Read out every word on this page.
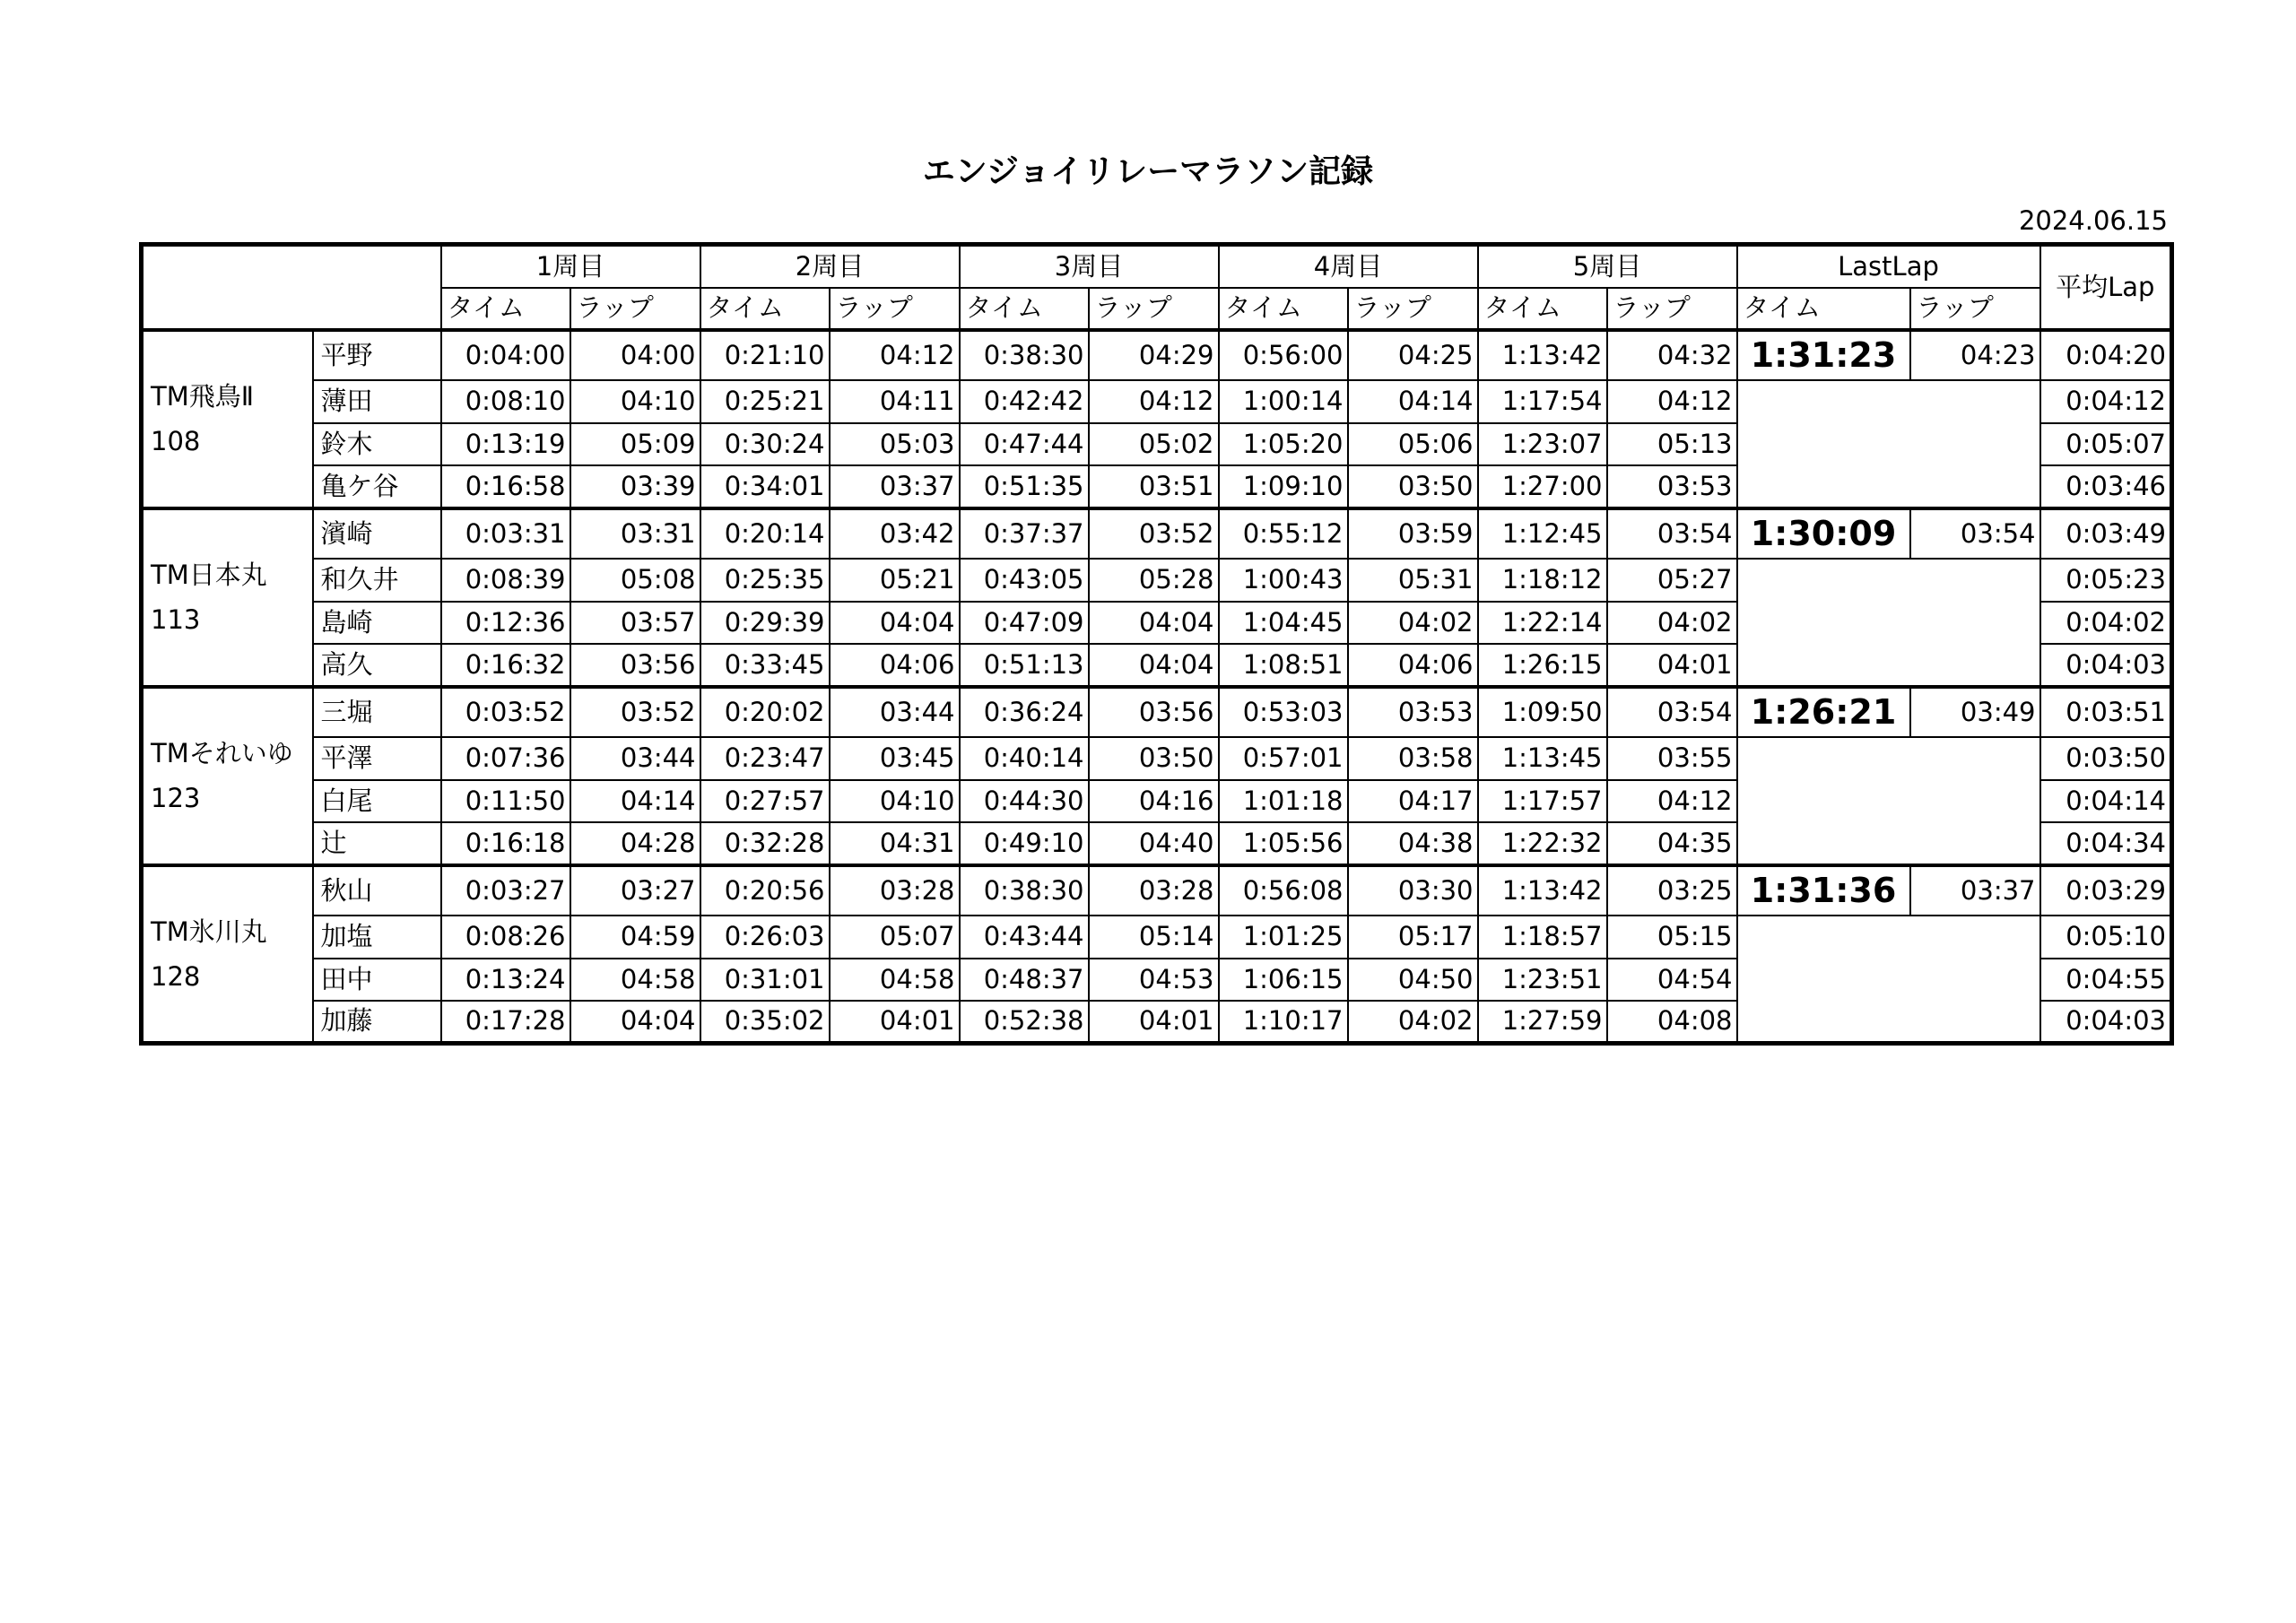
エンジョイリレーマラソン記録
2024.06.15
		1周目		2周目		3周目		4周目		5周目		LastLap		平均Lap
		タイム	ラップ	タイム	ラップ	タイム	ラップ	タイム	ラップ	タイム	ラップ	タイム	ラップ	

TM飛鳥Ⅱ
108	平野	0:04:00	04:00	0:21:10	04:12	0:38:30	04:29	0:56:00	04:25	1:13:42	04:32	1:31:23	04:23	0:04:20
	薄田	0:08:10	04:10	0:25:21	04:11	0:42:42	04:12	1:00:14	04:14	1:17:54	04:12			0:04:12
	鈴木	0:13:19	05:09	0:30:24	05:03	0:47:44	05:02	1:05:20	05:06	1:23:07	05:13			0:05:07
	亀ケ谷	0:16:58	03:39	0:34:01	03:37	0:51:35	03:51	1:09:10	03:50	1:27:00	03:53			0:03:46

TM日本丸
113	濱崎	0:03:31	03:31	0:20:14	03:42	0:37:37	03:52	0:55:12	03:59	1:12:45	03:54	1:30:09	03:54	0:03:49
	和久井	0:08:39	05:08	0:25:35	05:21	0:43:05	05:28	1:00:43	05:31	1:18:12	05:27			0:05:23
	島崎	0:12:36	03:57	0:29:39	04:04	0:47:09	04:04	1:04:45	04:02	1:22:14	04:02			0:04:02
	高久	0:16:32	03:56	0:33:45	04:06	0:51:13	04:04	1:08:51	04:06	1:26:15	04:01			0:04:03

TMそれいゆ
123	三堀	0:03:52	03:52	0:20:02	03:44	0:36:24	03:56	0:53:03	03:53	1:09:50	03:54	1:26:21	03:49	0:03:51
	平澤	0:07:36	03:44	0:23:47	03:45	0:40:14	03:50	0:57:01	03:58	1:13:45	03:55			0:03:50
	白尾	0:11:50	04:14	0:27:57	04:10	0:44:30	04:16	1:01:18	04:17	1:17:57	04:12			0:04:14
	辻	0:16:18	04:28	0:32:28	04:31	0:49:10	04:40	1:05:56	04:38	1:22:32	04:35			0:04:34

TM氷川丸
128	秋山	0:03:27	03:27	0:20:56	03:28	0:38:30	03:28	0:56:08	03:30	1:13:42	03:25	1:31:36	03:37	0:03:29
	加塩	0:08:26	04:59	0:26:03	05:07	0:43:44	05:14	1:01:25	05:17	1:18:57	05:15			0:05:10
	田中	0:13:24	04:58	0:31:01	04:58	0:48:37	04:53	1:06:15	04:50	1:23:51	04:54			0:04:55
	加藤	0:17:28	04:04	0:35:02	04:01	0:52:38	04:01	1:10:17	04:02	1:27:59	04:08			0:04:03
